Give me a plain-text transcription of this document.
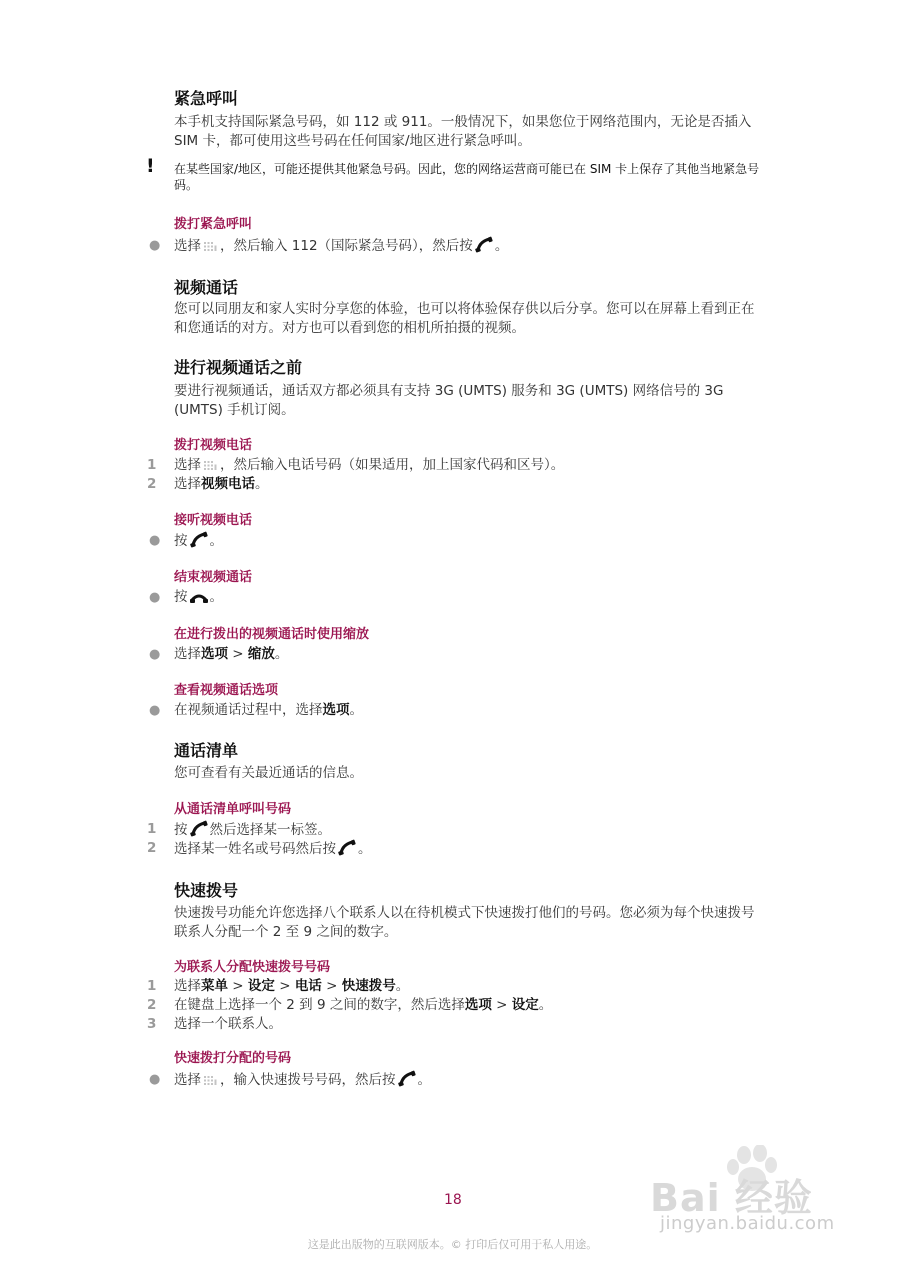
紧急呼叫

本手机支持国际紧急号码，如 112 或 911。一般情况下，如果您位于网络范围内，无论是否插入 SIM 卡，都可使用这些号码在任何国家/地区进行紧急呼叫。

! 在某些国家/地区，可能还提供其他紧急号码。因此，您的网络运营商可能已在 SIM 卡上保存了其他当地紧急号码。

拨打紧急呼叫
● 选择 ，然后输入 112（国际紧急号码），然后按 。
视频通话

您可以同朋友和家人实时分享您的体验，也可以将体验保存供以后分享。您可以在屏幕上看到正在和您通话的对方。对方也可以看到您的相机所拍摄的视频。

进行视频通话之前

要进行视频通话，通话双方都必须具有支持 3G (UMTS) 服务和 3G (UMTS) 网络信号的 3G (UMTS) 手机订阅。

拨打视频电话
1	选择 ，然后输入电话号码（如果适用，加上国家代码和区号）。
2	选择视频电话。
接听视频电话
● 按 。
结束视频通话
● 按 。
在进行拨出的视频通话时使用缩放
● 选择选项 > 缩放。
查看视频通话选项
● 在视频通话过程中，选择选项。
通话清单

您可查看有关最近通话的信息。

从通话清单呼叫号码
1	按 然后选择某一标签。
2	选择某一姓名或号码然后按 。
快速拨号

快速拨号功能允许您选择八个联系人以在待机模式下快速拨打他们的号码。您必须为每个快速拨号联系人分配一个 2 至 9 之间的数字。

为联系人分配快速拨号号码
1	选择菜单 > 设定 > 电话 > 快速拨号。
2	在键盘上选择一个 2 到 9 之间的数字，然后选择选项 > 设定。
3	选择一个联系人。
快速拨打分配的号码
● 选择 ，输入快速拨号号码，然后按 。
Bai 经验
jingyan.baidu.com
18
这是此出版物的互联网版本。© 打印后仅可用于私人用途。
